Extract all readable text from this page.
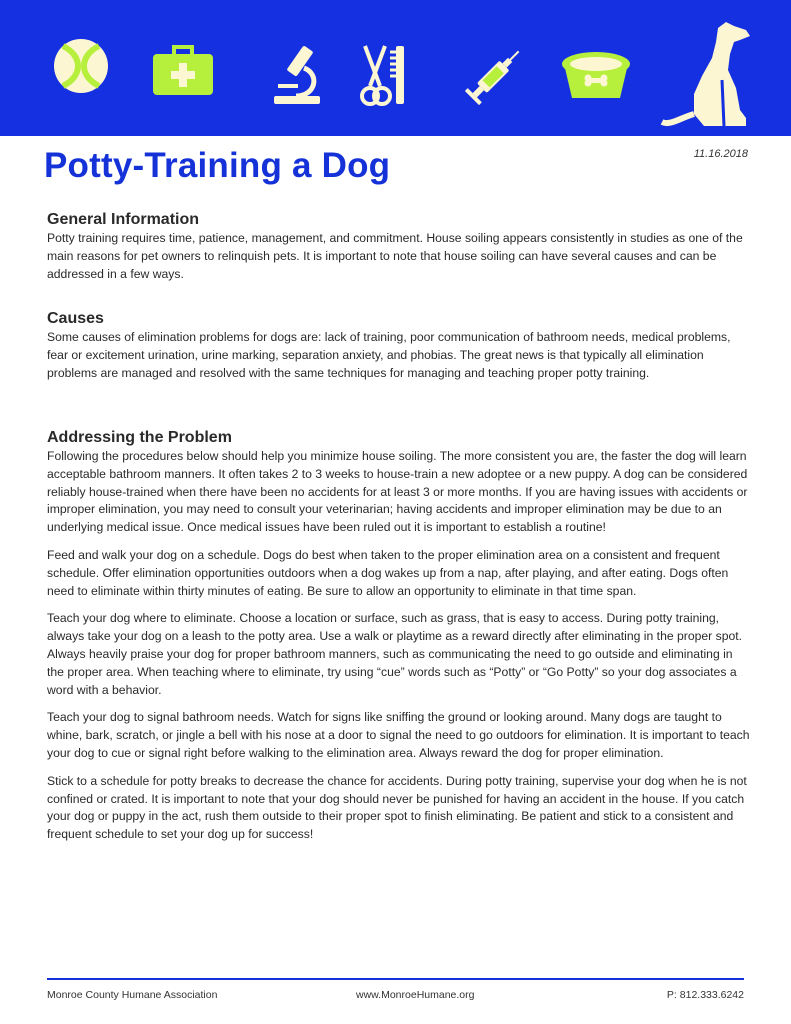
11.16.2018
Potty-Training a Dog
General Information

Potty training requires time, patience, management, and commitment. House soiling appears consistently in studies as one of the main reasons for pet owners to relinquish pets. It is important to note that house soiling can have several causes and can be addressed in a few ways.

Causes

Some causes of elimination problems for dogs are: lack of training, poor communication of bathroom needs, medical problems, fear or excitement urination, urine marking, separation anxiety, and phobias. The great news is that typically all elimination problems are managed and resolved with the same techniques for managing and teaching proper potty training.

Addressing the Problem

Following the procedures below should help you minimize house soiling. The more consistent you are, the faster the dog will learn acceptable bathroom manners. It often takes 2 to 3 weeks to house-train a new adoptee or a new puppy. A dog can be considered reliably house-trained when there have been no accidents for at least 3 or more months. If you are having issues with accidents or improper elimination, you may need to consult your veterinarian; having accidents and improper elimination may be due to an underlying medical issue. Once medical issues have been ruled out it is important to establish a routine!

Feed and walk your dog on a schedule. Dogs do best when taken to the proper elimination area on a consistent and frequent schedule. Offer elimination opportunities outdoors when a dog wakes up from a nap, after playing, and after eating. Dogs often need to eliminate within thirty minutes of eating. Be sure to allow an opportunity to eliminate in that time span.

Teach your dog where to eliminate. Choose a location or surface, such as grass, that is easy to access. During potty training, always take your dog on a leash to the potty area. Use a walk or playtime as a reward directly after eliminating in the proper spot. Always heavily praise your dog for proper bathroom manners, such as communicating the need to go outside and eliminating in the proper area. When teaching where to eliminate, try using “cue” words such as “Potty” or “Go Potty” so your dog associates a word with a behavior.

Teach your dog to signal bathroom needs. Watch for signs like sniffing the ground or looking around. Many dogs are taught to whine, bark, scratch, or jingle a bell with his nose at a door to signal the need to go outdoors for elimination. It is important to teach your dog to cue or signal right before walking to the elimination area. Always reward the dog for proper elimination.

Stick to a schedule for potty breaks to decrease the chance for accidents. During potty training, supervise your dog when he is not confined or crated. It is important to note that your dog should never be punished for having an accident in the house. If you catch your dog or puppy in the act, rush them outside to their proper spot to finish eliminating. Be patient and stick to a consistent and frequent schedule to set your dog up for success!

Monroe County Humane Association	www.MonroeHumane.org	P: 812.333.6242
